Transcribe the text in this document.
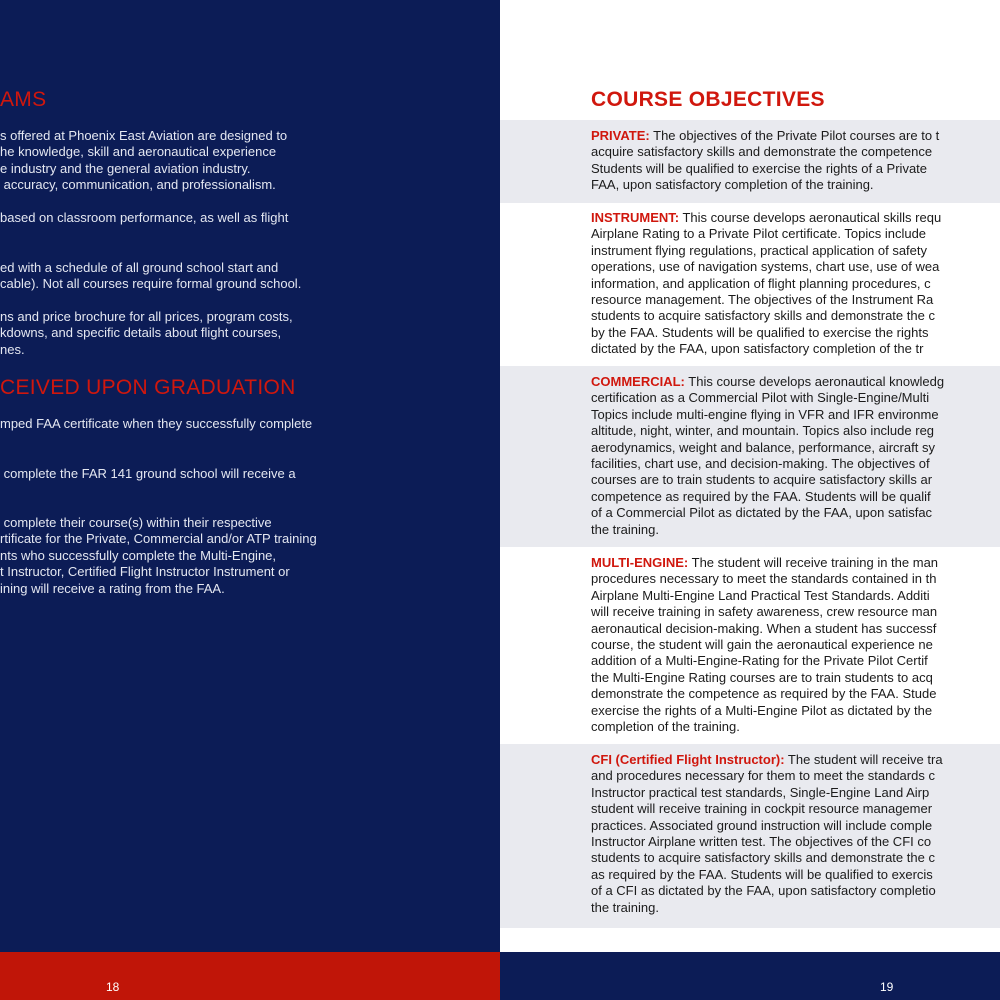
AMS

s offered at Phoenix East Aviation are designed to
he knowledge, skill and aeronautical experience
e industry and the general aviation industry.
accuracy, communication, and professionalism.

based on classroom performance, as well as flight

ed with a schedule of all ground school start and
cable). Not all courses require formal ground school.

ns and price brochure for all prices, program costs,
kdowns, and specific details about flight courses,
nes.

CEIVED UPON GRADUATION

mped FAA certificate when they successfully complete

complete the FAR 141 ground school will receive a

complete their course(s) within their respective
rtificate for the Private, Commercial and/or ATP training
nts who successfully complete the Multi-Engine,
t Instructor, Certified Flight Instructor Instrument or
ining will receive a rating from the FAA.

18
COURSE OBJECTIVES

PRIVATE: The objectives of the Private Pilot courses are to t
acquire satisfactory skills and demonstrate the competence
Students will be qualified to exercise the rights of a Private
FAA, upon satisfactory completion of the training.

INSTRUMENT: This course develops aeronautical skills requ
Airplane Rating to a Private Pilot certificate. Topics include
instrument flying regulations, practical application of safety
operations, use of navigation systems, chart use, use of wea
information, and application of flight planning procedures, c
resource management. The objectives of the Instrument Ra
students to acquire satisfactory skills and demonstrate the c
by the FAA. Students will be qualified to exercise the rights
dictated by the FAA, upon satisfactory completion of the tr

COMMERCIAL: This course develops aeronautical knowledg
certification as a Commercial Pilot with Single-Engine/Multi
Topics include multi-engine flying in VFR and IFR environme
altitude, night, winter, and mountain. Topics also include reg
aerodynamics, weight and balance, performance, aircraft sy
facilities, chart use, and decision-making. The objectives of
courses are to train students to acquire satisfactory skills ar
competence as required by the FAA. Students will be qualif
of a Commercial Pilot as dictated by the FAA, upon satisfac
the training.

MULTI-ENGINE: The student will receive training in the man
procedures necessary to meet the standards contained in th
Airplane Multi-Engine Land Practical Test Standards. Additi
will receive training in safety awareness, crew resource man
aeronautical decision-making. When a student has successf
course, the student will gain the aeronautical experience ne
addition of a Multi-Engine-Rating for the Private Pilot Certif
the Multi-Engine Rating courses are to train students to acq
demonstrate the competence as required by the FAA. Stude
exercise the rights of a Multi-Engine Pilot as dictated by the
completion of the training.

CFI (Certified Flight Instructor): The student will receive tra
and procedures necessary for them to meet the standards c
Instructor practical test standards, Single-Engine Land Airp
student will receive training in cockpit resource managemer
practices. Associated ground instruction will include comple
Instructor Airplane written test. The objectives of the CFI co
students to acquire satisfactory skills and demonstrate the c
as required by the FAA. Students will be qualified to exercis
of a CFI as dictated by the FAA, upon satisfactory completio
the training.

19
